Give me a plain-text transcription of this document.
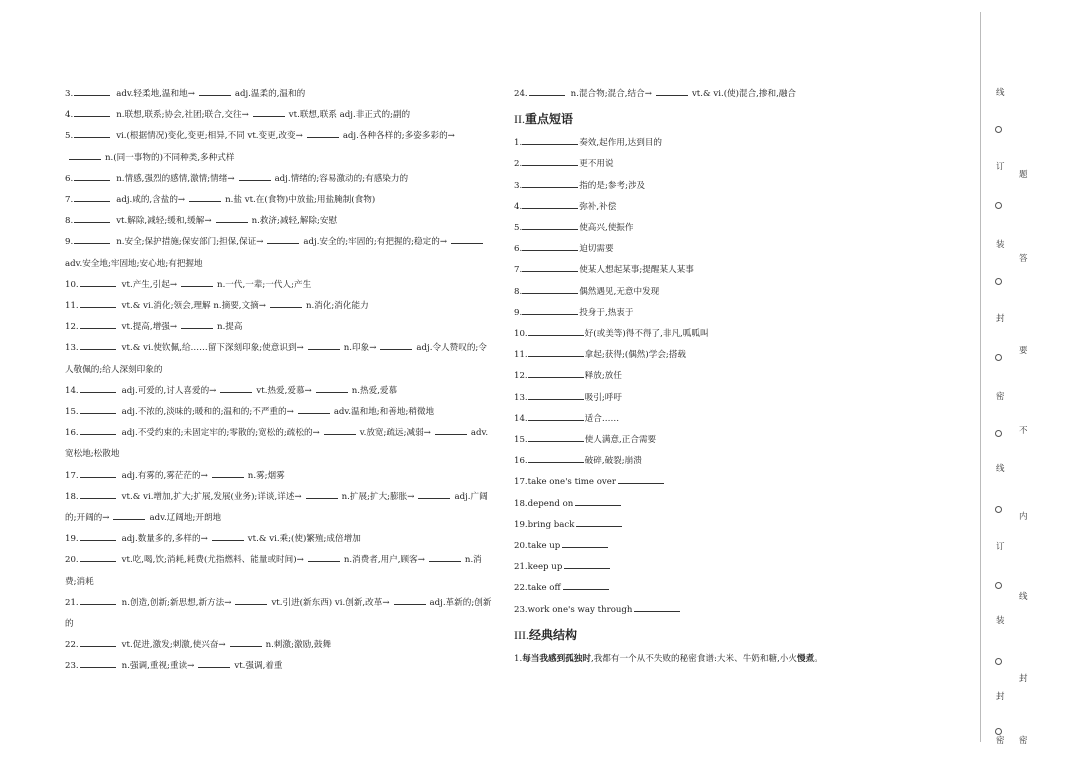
3.	adv.轻柔地,温和地→	adj.温柔的,温和的
4.	n.联想,联系;协会,社团;联合,交往→	vt.联想,联系 adj.非正式的;副的
5.	vi.(根据情况)变化,变更;相异,不同 vt.变更,改变→	adj.各种各样的;多姿多彩的→n.(同一事物的)不同种类,多种式样
6.	n.情感,强烈的感情,激情;情绪→	adj.情绪的;容易激动的;有感染力的
7.	adj.咸的,含盐的→	n.盐 vt.在(食物)中放盐;用盐腌制(食物)
8.	vt.解除,减轻;缓和,缓解→	n.救济;减轻,解除;安慰
9.	n.安全;保护措施;保安部门;担保,保证→	adj.安全的;牢固的;有把握的;稳定的→adv.安全地;牢固地;安心地;有把握地
10.	vt.产生,引起→	n.一代,一辈;一代人;产生
11.	vt.& vi.消化;领会,理解 n.摘要,文摘→	n.消化;消化能力
12.	vt.提高,增强→	n.提高
13.	vt.& vi.使钦佩,给……留下深刻印象;使意识到→	n.印象→	adj.令人赞叹的;令人敬佩的;给人深刻印象的
14.	adj.可爱的,讨人喜爱的→	vt.热爱,爱慕→	n.热爱,爱慕
15.	adj.不浓的,淡味的;暖和的;温和的;不严重的→	adv.温和地;和善地;稍微地
16.	adj.不受约束的;未固定牢的;零散的;宽松的;疏松的→	v.放宽;疏远;减弱→	adv.宽松地;松散地
17.	adj.有雾的,雾茫茫的→	n.雾;烟雾
18.	vt.& vi.增加,扩大;扩展,发展(业务);详谈,详述→	n.扩展;扩大;膨胀→	adj.广阔的;开阔的→	adv.辽阔地;开朗地
19.	adj.数量多的,多样的→	vt.& vi.乘;(使)繁殖;成倍增加
20.	vt.吃,喝,饮;消耗,耗费(尤指燃料、能量或时间)→	n.消费者,用户,顾客→	n.消费;消耗
21.	n.创造,创新;新思想,新方法→	vt.引进(新东西) vi.创新,改革→	adj.革新的;创新的
22.	vt.促进,激发;刺激,使兴奋→	n.刺激;激励,鼓舞
23.	n.强调,重视;重读→	vt.强调,着重
24.	n.混合物;混合,结合→	vt.& vi.(使)混合,掺和,融合
II.重点短语
1.	奏效,起作用,达到目的
2.	更不用说
3.	指的是;参考;涉及
4.	弥补,补偿
5.	使高兴,使振作
6.	迫切需要
7.	使某人想起某事;提醒某人某事
8.	偶然遇见,无意中发现
9.	投身于,热衷于
10.	好(或美等)得不得了,非凡,呱呱叫
11.	拿起;获得;(偶然)学会;搭载
12.	释放;放任
13.	吸引;呼吁
14.	适合……
15.	使人满意,正合需要
16.	破碎,破裂;崩溃
17.take one's time over
18.depend on
19.bring back
20.take up
21.keep up
22.take off
23.work one's way through
III.经典结构
1.每当我感到孤独时,我都有一个从不失败的秘密食谱:大米、牛奶和糖,小火慢煮。
线
订
装
封
密
线
订
装
封
密
题
答
要
不
内
线
封
密
